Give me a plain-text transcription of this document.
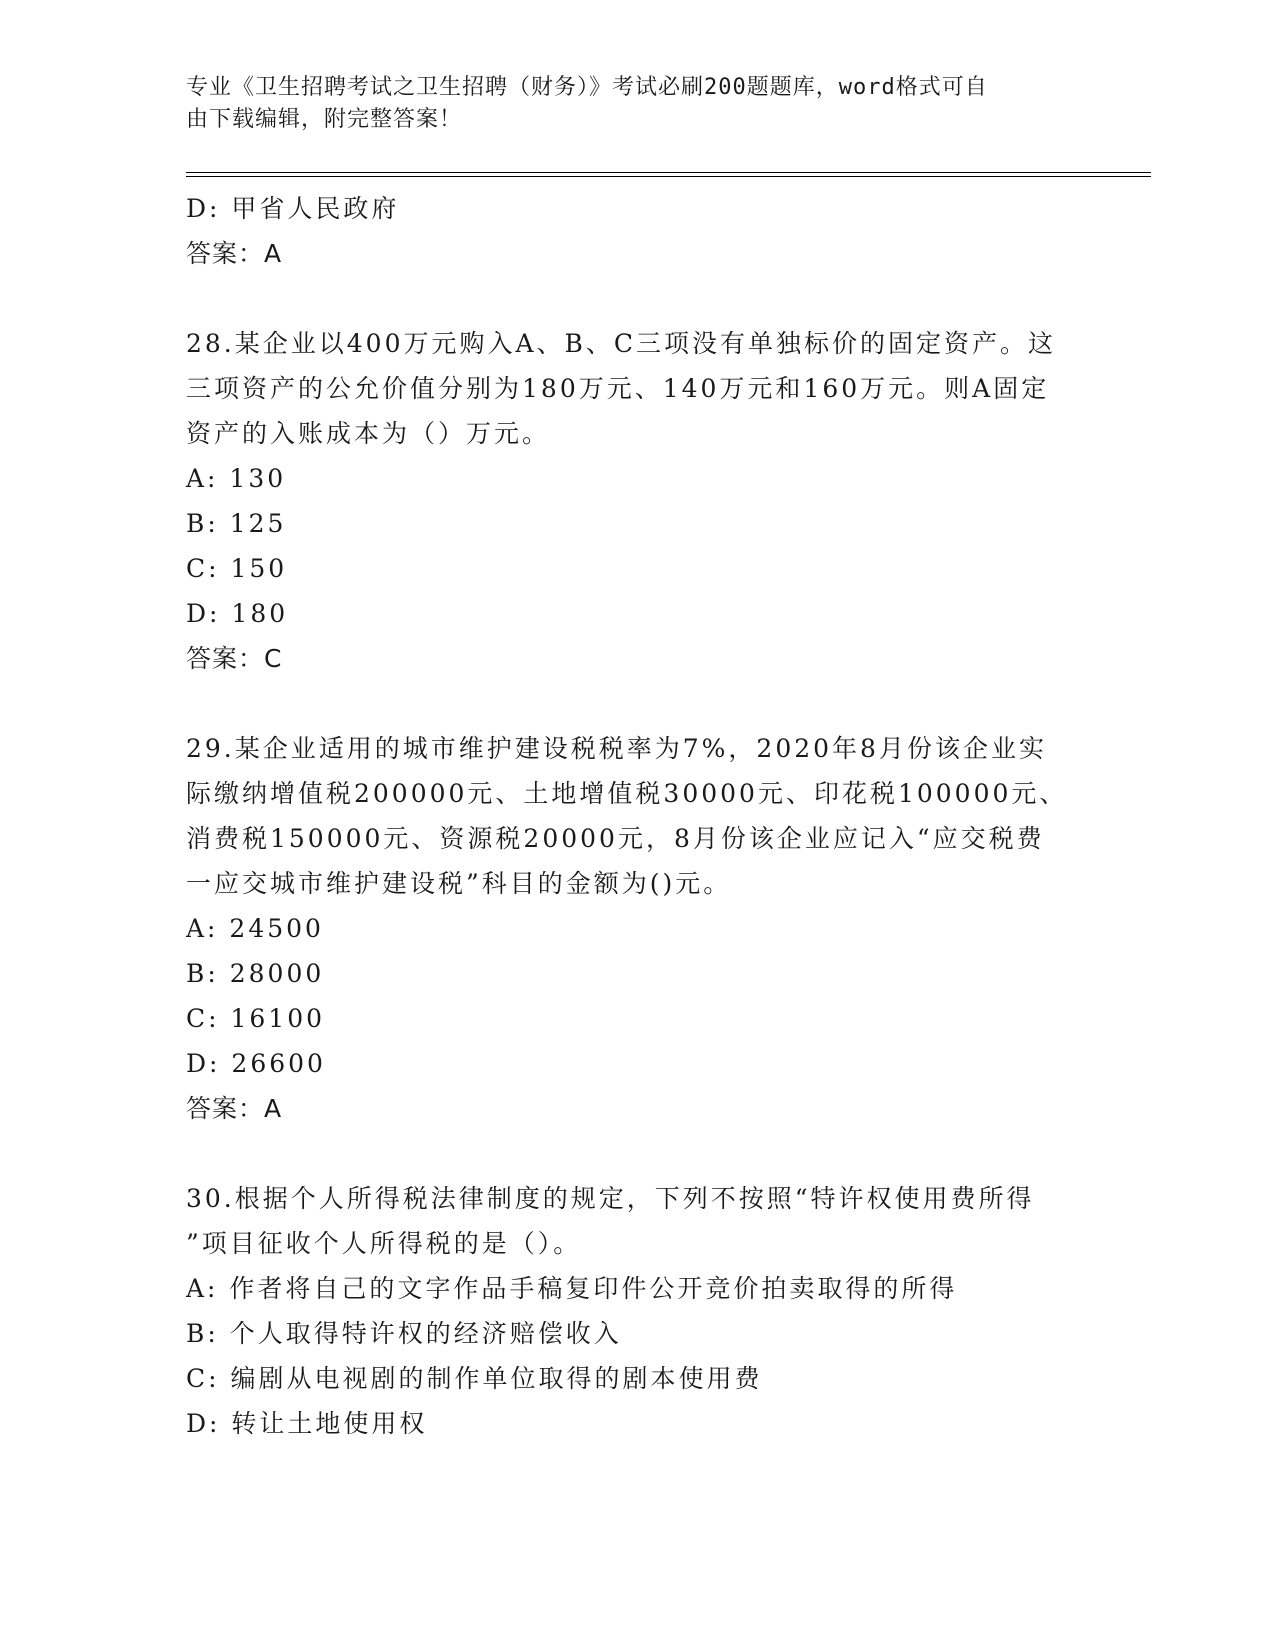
专业《卫生招聘考试之卫生招聘（财务）》考试必刷200题题库，word格式可自
由下载编辑，附完整答案！
D: 甲省人民政府
答案：A
28.某企业以400万元购入A、B、C三项没有单独标价的固定资产。这
三项资产的公允价值分别为180万元、140万元和160万元。则A固定
资产的入账成本为（）万元。
A: 130
B: 125
C: 150
D: 180
答案：C
29.某企业适用的城市维护建设税税率为7%，2020年8月份该企业实
际缴纳增值税200000元、土地增值税30000元、印花税100000元、
消费税150000元、资源税20000元，8月份该企业应记入“应交税费
一应交城市维护建设税”科目的金额为()元。
A: 24500
B: 28000
C: 16100
D: 26600
答案：A
30.根据个人所得税法律制度的规定，下列不按照“特许权使用费所得
”项目征收个人所得税的是（）。
A: 作者将自己的文字作品手稿复印件公开竞价拍卖取得的所得
B: 个人取得特许权的经济赔偿收入
C: 编剧从电视剧的制作单位取得的剧本使用费
D: 转让土地使用权
